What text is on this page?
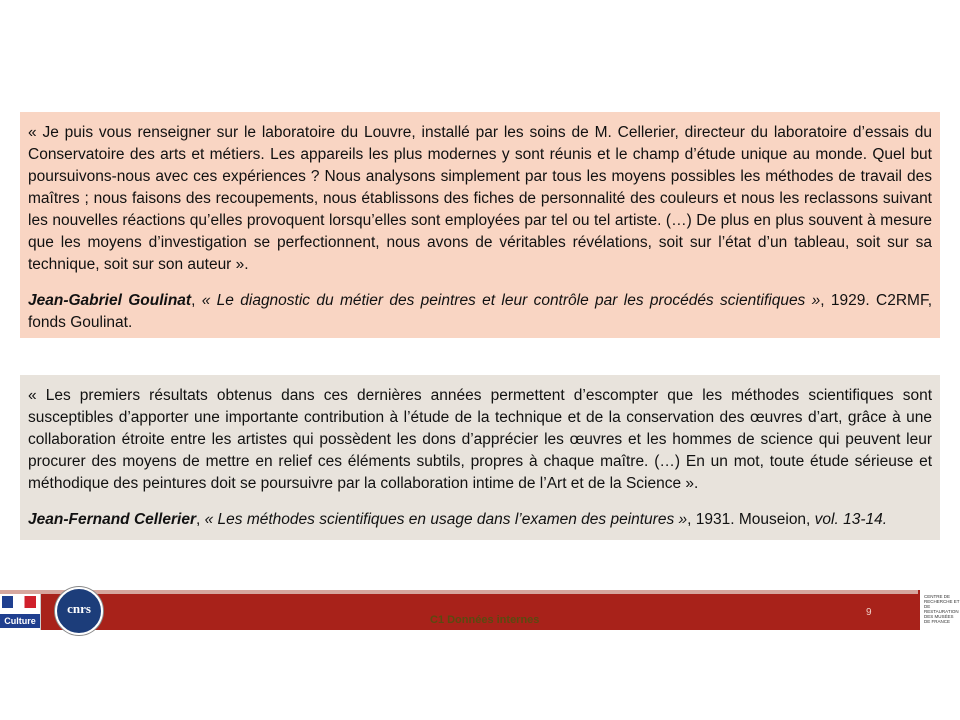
« Je puis vous renseigner sur le laboratoire du Louvre, installé par les soins de M. Cellerier, directeur du laboratoire d’essais du Conservatoire des arts et métiers. Les appareils les plus modernes y sont réunis et le champ d’étude unique au monde. Quel but poursuivons-nous avec ces expériences ? Nous analysons simplement par tous les moyens possibles les méthodes de travail des maîtres ; nous faisons des recoupements, nous établissons des fiches de personnalité des couleurs et nous les reclassons suivant les nouvelles réactions qu’elles provoquent lorsqu’elles sont employées par tel ou tel artiste. (…) De plus en plus souvent à mesure que les moyens d’investigation se perfectionnent, nous avons de véritables révélations, soit sur l’état d’un tableau, soit sur sa technique, soit sur son auteur ».

Jean-Gabriel Goulinat, « Le diagnostic du métier des peintres et leur contrôle par les procédés scientifiques », 1929. C2RMF, fonds Goulinat.

« Les premiers résultats obtenus dans ces dernières années permettent d’escompter que les méthodes scientifiques sont susceptibles d’apporter une importante contribution à l’étude de la technique et de la conservation des œuvres d’art, grâce à une collaboration étroite entre les artistes qui possèdent les dons d’apprécier les œuvres et les hommes de science qui peuvent leur procurer des moyens de mettre en relief ces éléments subtils, propres à chaque maître. (…) En un mot, toute étude sérieuse et méthodique des peintures doit se poursuivre par la collaboration intime de l’Art et de la Science ».

Jean-Fernand Cellerier, « Les méthodes scientifiques en usage dans l’examen des peintures », 1931. Mouseion, vol. 13-14.

C1 Données internes
9
Culture
cnrs
CENTRE DE RECHERCHE ET DE RESTAURATION DES MUSÉES DE FRANCE
